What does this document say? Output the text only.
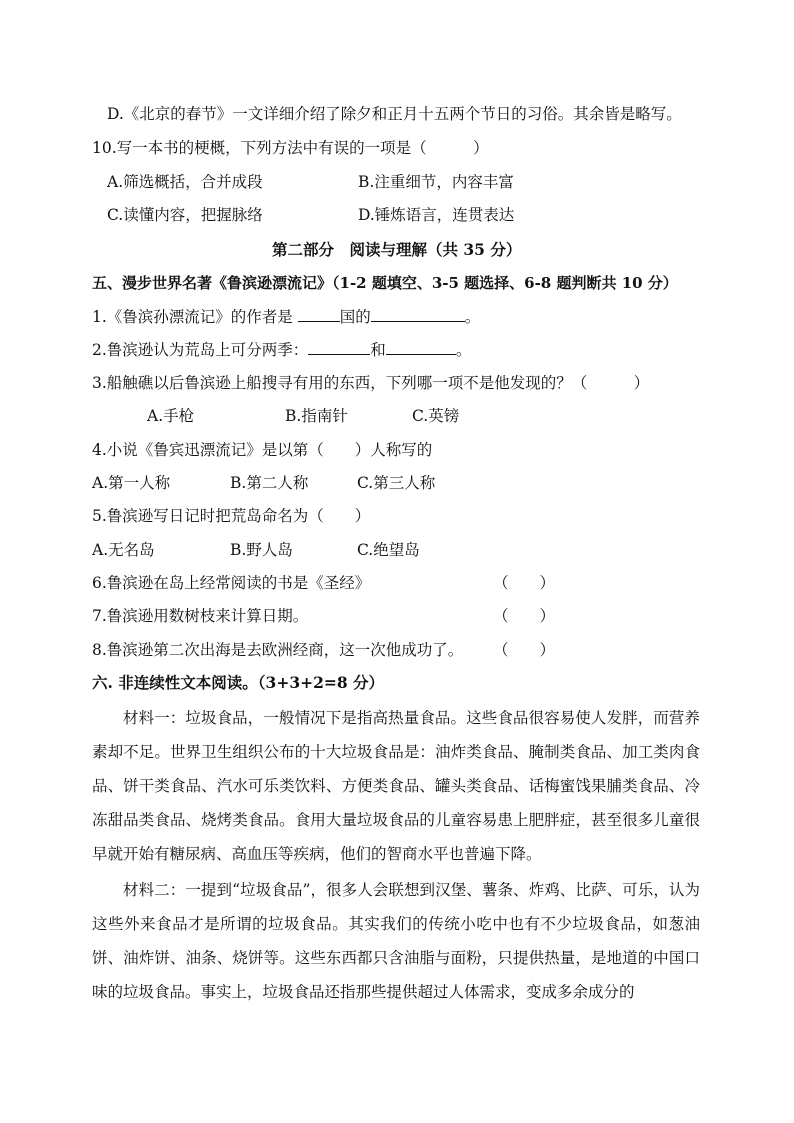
D.《北京的春节》一文详细介绍了除夕和正月十五两个节日的习俗。其余皆是略写。
10.写一本书的梗概，下列方法中有误的一项是（　　　）
A.筛选概括，合并成段	B.注重细节，内容丰富
C.读懂内容，把握脉络	D.锤炼语言，连贯表达
第二部分　阅读与理解（共 35 分）
五、漫步世界名著《鲁滨逊漂流记》（1-2 题填空、3-5 题选择、6-8 题判断共 10 分）
1.《鲁滨孙漂流记》的作者是	国的	。
2.鲁滨逊认为荒岛上可分两季：	和	。
3.船触礁以后鲁滨逊上船搜寻有用的东西，下列哪一项不是他发现的？（　　　）
A.手枪	B.指南针	C.英镑
4.小说《鲁宾迅漂流记》是以第（　　）人称写的
A.第一人称	B.第二人称	C.第三人称
5.鲁滨逊写日记时把荒岛命名为（　　）
A.无名岛	B.野人岛	C.绝望岛
6.鲁滨逊在岛上经常阅读的书是《圣经》	（　　）
7.鲁滨逊用数树枝来计算日期。	（　　）
8.鲁滨逊第二次出海是去欧洲经商，这一次他成功了。 （　　）
六. 非连续性文本阅读。（3+3+2=8 分）

材料一：垃圾食品，一般情况下是指高热量食品。这些食品很容易使人发胖，而营养素却不足。世界卫生组织公布的十大垃圾食品是：油炸类食品、腌制类食品、加工类肉食品、饼干类食品、汽水可乐类饮料、方便类食品、罐头类食品、话梅蜜饯果脯类食品、冷冻甜品类食品、烧烤类食品。食用大量垃圾食品的儿童容易患上肥胖症，甚至很多儿童很早就开始有糖尿病、高血压等疾病，他们的智商水平也普遍下降。

材料二：一提到“垃圾食品”，很多人会联想到汉堡、薯条、炸鸡、比萨、可乐，认为这些外来食品才是所谓的垃圾食品。其实我们的传统小吃中也有不少垃圾食品，如葱油饼、油炸饼、油条、烧饼等。这些东西都只含油脂与面粉，只提供热量，是地道的中国口味的垃圾食品。事实上，垃圾食品还指那些提供超过人体需求，变成多余成分的
